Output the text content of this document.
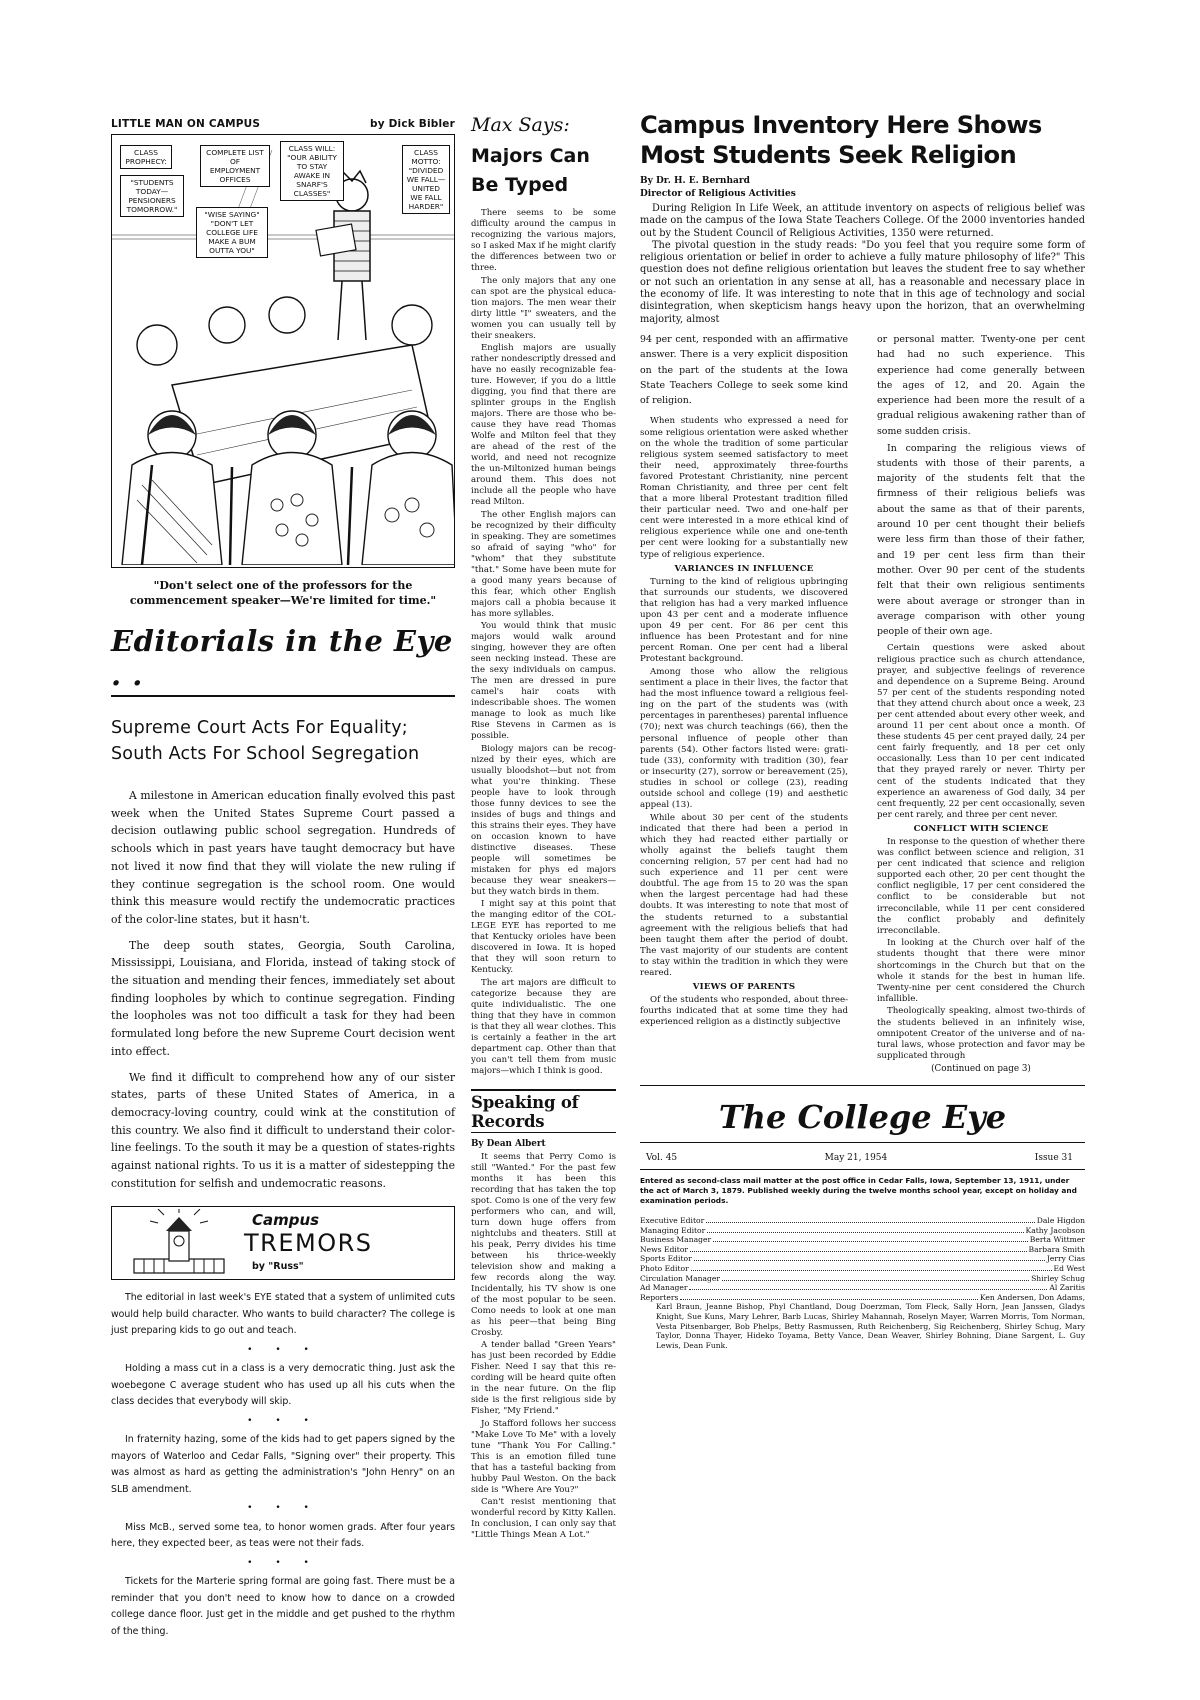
LITTLE MAN ON CAMPUS	by Dick Bibler
CLASS PROPHECY:
"STUDENTS TODAY— PENSIONERS TOMORROW."
COMPLETE LIST OF EMPLOYMENT OFFICES
"WISE SAYING" "DON'T LET COLLEGE LIFE MAKE A BUM OUTTA YOU"
CLASS WILL: "OUR ABILITY TO STAY AWAKE IN SNARF'S CLASSES"
CLASS MOTTO: "DIVIDED WE FALL— UNITED WE FALL HARDER"
"Don't select one of the professors for the commencement speaker—We're limited for time."
Editorials in the Eye . .
Supreme Court Acts For Equality;
South Acts For School Segregation

A milestone in American education finally evolved this past week when the United States Supreme Court passed a decision outlawing public school segregation. Hundreds of schools which in past years have taught democracy but have not lived it now find that they will violate the new ruling if they continue segregation is the school room. One would think this measure would rectify the undemocratic practices of the color-line states, but it hasn't.

The deep south states, Georgia, South Carolina, Mississippi, Louisiana, and Florida, instead of taking stock of the situation and mending their fences, immediately set about finding loopholes by which to continue segregation. Finding the loopholes was not too difficult a task for they had been formulated long before the new Supreme Court decision went into effect.

We find it difficult to comprehend how any of our sister states, parts of these United States of America, in a democracy-loving country, could wink at the constitution of this country. We also find it difficult to understand their color-line feelings. To the south it may be a question of states-rights against national rights. To us it is a matter of sidestepping the constitution for selfish and undemocratic reasons.

Campus
TREMORS
by "Russ"

The editorial in last week's EYE stated that a system of unlimited cuts would help build character. Who wants to build character? The college is just preparing kids to go out and teach.

• • •

Holding a mass cut in a class is a very democratic thing. Just ask the woebegone C average student who has used up all his cuts when the class decides that everybody will skip.

• • •

In fraternity hazing, some of the kids had to get papers signed by the mayors of Waterloo and Cedar Falls, "Signing over" their property. This was almost as hard as getting the administration's "John Henry" on an SLB amendment.

• • •

Miss McB., served some tea, to honor women grads. After four years here, they expected beer, as teas were not their fads.

• • •

Tickets for the Marterie spring formal are going fast. There must be a reminder that you don't need to know how to dance on a crowded college dance floor. Just get in the middle and get pushed to the rhythm of the thing.

Max Says:
Majors Can
Be Typed

There seems to be some difficulty around the campus in recognizing the various majors, so I asked Max if he might clarify the differences between two or three.

The only majors that any one can spot are the physical education majors. The men wear their dirty little "I" sweaters, and the women you can usually tell by their sneakers.

English majors are usually rather nondescriptly dressed and have no easily recognizable feature. However, if you do a little digging, you find that there are splinter groups in the English majors. There are those who because they have read Thomas Wolfe and Milton feel that they are ahead of the rest of the world, and need not recognize the un-Miltonized human beings around them. This does not include all the people who have read Milton.

The other English majors can be recognized by their difficulty in speaking. They are sometimes so afraid of saying "who" for "whom" that they substitute "that." Some have been mute for a good many years because of this fear, which other English majors call a phobia because it has more syllables.

You would think that music majors would walk around singing, however they are often seen necking instead. These are the sexy individuals on campus. The men are dressed in pure camel's hair coats with indescribable shoes. The women manage to look as much like Rise Stevens in Carmen as is possible.

Biology majors can be recognized by their eyes, which are usually bloodshot—but not from what you're thinking. These people have to look through those funny devices to see the insides of bugs and things and this strains their eyes. They have on occasion known to have distinctive diseases. These people will sometimes be mistaken for phys ed majors because they wear sneakers—but they watch birds in them.

I might say at this point that the manging editor of the COLLEGE EYE has reported to me that Kentucky orioles have been discovered in Iowa. It is hoped that they will soon return to Kentucky.

The art majors are difficult to categorize because they are quite individualistic. The one thing that they have in common is that they all wear clothes. This is certainly a feather in the art department cap. Other than that you can't tell them from music majors—which I think is good.

Speaking of Records
By Dean Albert

It seems that Perry Como is still "Wanted." For the past few months it has been this recording that has taken the top spot. Como is one of the very few performers who can, and will, turn down huge offers from nightclubs and theaters. Still at his peak, Perry divides his time between his thrice-weekly television show and making a few records along the way. Incidentally, his TV show is one of the most popular to be seen. Como needs to look at one man as his peer—that being Bing Crosby.

A tender ballad "Green Years" has just been recorded by Eddie Fisher. Need I say that this recording will be heard quite often in the near future. On the flip side is the first religious side by Fisher, "My Friend."

Jo Stafford follows her success "Make Love To Me" with a lovely tune "Thank You For Calling." This is an emotion filled tune that has a tasteful backing from hubby Paul Weston. On the back side is "Where Are You?"

Can't resist mentioning that wonderful record by Kitty Kallen. In conclusion, I can only say that "Little Things Mean A Lot."

Campus Inventory Here Shows
Most Students Seek Religion
By Dr. H. E. Bernhard
Director of Religious Activities

During Religion In Life Week, an attitude inventory on aspects of religious belief was made on the campus of the Iowa State Teachers College. Of the 2000 inventories handed out by the Student Council of Religious Activities, 1350 were returned.

The pivotal question in the study reads: "Do you feel that you require some form of religious orientation or belief in order to achieve a fully mature philosophy of life?" This question does not define religious orientation but leaves the student free to say whether or not such an orientation in any sense at all, has a reasonable and necessary place in the economy of life. It was interesting to note that in this age of technology and social disintegration, when skepticism hangs heavy upon the horizon, that an overwhelming majority, almost

94 per cent, responded with an affirmative answer. There is a very explicit disposition on the part of the students at the Iowa State Teachers College to seek some kind of religion.

When students who expressed a need for some religious orientation were asked whether on the whole the tradition of some particular religious system seemed satisfactory to meet their need, approximately three-fourths favored Protestant Christianity, nine percent Roman Christianity, and three per cent felt that a more liberal Protestant tradition filled their particular need. Two and one-half per cent were interested in a more ethical kind of religious experience while one and one-tenth per cent were looking for a substantially new type of religious experience.

VARIANCES IN INFLUENCE

Turning to the kind of religious upbringing that surrounds our students, we discovered that religion has had a very marked influence upon 43 per cent and a moderate influence upon 49 per cent. For 86 per cent this influence has been Protestant and for nine percent Roman. One per cent had a liberal Protestant background.

Among those who allow the religious sentiment a place in their lives, the factor that had the most influence toward a religious feeling on the part of the students was (with percentages in parentheses) parental influence (70); next was church teachings (66), then the personal influence of people other than parents (54). Other factors listed were: gratitude (33), conformity with tradition (30), fear or insecurity (27), sorrow or bereavement (25), studies in school or college (23), reading outside school and college (19) and aesthetic appeal (13).

While about 30 per cent of the students indicated that there had been a period in which they had reacted either partially or wholly against the beliefs taught them concerning religion, 57 per cent had had no such experience and 11 per cent were doubtful. The age from 15 to 20 was the span when the largest percentage had had these doubts. It was interesting to note that most of the students returned to a substantial agreement with the religious beliefs that had been taught them after the period of doubt. The vast majority of our students are content to stay within the tradition in which they were reared.

VIEWS OF PARENTS

Of the students who responded, about three-fourths indicated that at some time they had experienced religion as a distinctly subjective

or personal matter. Twenty-one per cent had had no such experience. This experience had come generally between the ages of 12, and 20. Again the experience had been more the result of a gradual religious awakening rather than of some sudden crisis.

In comparing the religious views of students with those of their parents, a majority of the students felt that the firmness of their religious beliefs was about the same as that of their parents, around 10 per cent thought their beliefs were less firm than those of their father, and 19 per cent less firm than their mother. Over 90 per cent of the students felt that their own religious sentiments were about average or stronger than in average comparison with other young people of their own age.

Certain questions were asked about religious practice such as church attendance, prayer, and subjective feelings of reverence and dependence on a Supreme Being. Around 57 per cent of the students responding noted that they attend church about once a week, 23 per cent attended about every other week, and around 11 per cent about once a month. Of these students 45 per cent prayed daily, 24 per cent fairly frequently, and 18 per cet only occasionally. Less than 10 per cent indicated that they prayed rarely or never. Thirty per cent of the students indicated that they experience an awareness of God daily, 34 per cent frequently, 22 per cent occasionally, seven per cent rarely, and three per cent never.

CONFLICT WITH SCIENCE

In response to the question of whether there was conflict between science and religion, 31 per cent indicated that science and religion supported each other, 20 per cent thought the conflict negligible, 17 per cent considered the conflict to be considerable but not irreconcilable, while 11 per cent considered the conflict probably and definitely irreconcilable.

In looking at the Church over half of the students thought that there were minor shortcomings in the Church but that on the whole it stands for the best in human life. Twenty-nine per cent considered the Church infallible.

Theologically speaking, almost two-thirds of the students believed in an infinitely wise, omnipotent Creator of the universe and of natural laws, whose protection and favor may be supplicated through

(Continued on page 3)
The College Eye
Vol. 45	May 21, 1954	Issue 31
Entered as second-class mail matter at the post office in Cedar Falls, Iowa, September 13, 1911, under the act of March 3, 1879. Published weekly during the twelve months school year, except on holiday and examination periods.
Executive Editor	Dale Higdon
Managing Editor	Kathy Jacobson
Business Manager	Berta Wittmer
News Editor	Barbara Smith
Sports Editor	Jerry Cias
Photo Editor	Ed West
Circulation Manager	Shirley Schug
Ad Manager	Al Zaritis
Reporters	Ken Andersen, Don Adams,
Karl Braun, Jeanne Bishop, Phyl Chantland, Doug Doerzman, Tom Fleck, Sally Horn, Jean Janssen, Gladys Knight, Sue Kuns, Mary Lehrer, Barb Lucas, Shirley Mahannah, Roselyn Mayer, Warren Morris, Tom Norman, Vesta Pitsenbarger, Bob Phelps, Betty Rasmussen, Ruth Reichenberg, Sig Reichenberg, Shirley Schug, Mary Taylor, Donna Thayer, Hideko Toyama, Betty Vance, Dean Weaver, Shirley Bohning, Diane Sargent, L. Guy Lewis, Dean Funk.
